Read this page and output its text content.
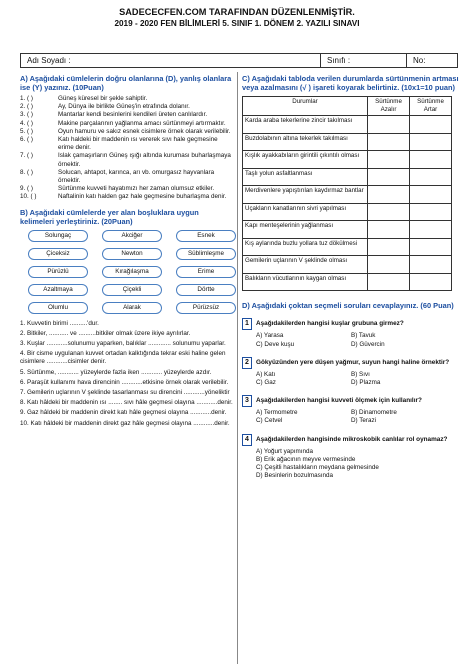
SADECECFEN.COM TARAFINDAN DÜZENLENMİŞTİR.
2019 - 2020 FEN BİLİMLERİ 5. SINIF 1. DÖNEM 2. YAZILI SINAVI
Adı Soyadı :	Sınıfı :	No:
A) Aşağıdaki cümlelerin doğru olanlarına (D), yanlış olanlara ise (Y) yazınız. (10Puan)
1. ( )	Güneş küresel bir şekle sahiptir.
2. ( )	Ay, Dünya ile birlikte Güneş'in etrafında dolanır.
3. ( )	Mantarlar kendi besinlerini kendileri üreten canlılardır.
4. ( )	Makine parçalarının yağlanma amacı sürtünmeyi artırmaktır.
5. ( )	Oyun hamuru ve sakız esnek cisimlere örnek olarak verilebilir.
6. ( )	Katı haldeki bir maddenin ısı vererek sıvı hale geçmesine erime denir.
7. ( )	Islak çamaşırların Güneş ışığı altında kuruması buharlaşmaya örnektir.
8. ( )	Solucan, ahtapot, karınca, arı vb. omurgasız hayvanlara örnektir.
9. ( )	Sürtünme kuvveti hayatımızı her zaman olumsuz etkiler.
10. ( )	Naftalinin katı halden gaz hale geçmesine buharlaşma denir.
B) Aşağıdaki cümlelerde yer alan boşluklara uygun kelimeleri yerleştiriniz. (20Puan)
Solungaç	Akciğer	Esnek
Çiceksiz	Newton	Süblimleşme
Pürüzlü	Kırağılaşma	Erime
Azaltmaya	Çiçekli	Dörtte
Olumlu	Alarak	Pürüzsüz
1. Kuvvetin birimi ..........'dur.
2. Bitkiler, ........... ve ..........bitkiler olmak üzere ikiye ayrılırlar.
3. Kuşlar ............solunumu yaparken, balıklar ............. solunumu yaparlar.
4. Bir cisme uygulanan kuvvet ortadan kalktığında tekrar eski haline gelen cisimlere ............cisimler denir.
5. Sürtünme, ............ yüzeylerde fazla iken ............ yüzeylerde azdır.
6. Paraşüt kullanımı hava direncinin ............etkisine örnek olarak verilebilir.
7. Gemilerin uçlarının V şeklinde tasarlanması su direncini ............yöneliktir
8. Katı hâldeki bir maddenin ısı ........ sıvı hâle geçmesi olayına ............denir.
9. Gaz hâldeki bir maddenin direkt katı hâle geçmesi olayına ............denir.
10. Katı hâldeki bir maddenin direkt gaz hâle geçmesi olayına ............denir.
C) Aşağıdaki tabloda verilen durumlarda sürtünmenin artması veya azalmasını (√ ) işareti koyarak belirtiniz. (10x1=10 puan)
Durumlar	Sürtünme Azalır	Sürtünme Artar
Karda araba tekerlerine zincir takılması		
Buzdolabının altına tekerlek takılması		
Kışlık ayakkabıların girintili çıkıntılı olması		
Taşlı yolun asfaltlanması		
Merdivenlere yapıştırılan kaydırmaz bantlar		
Uçakların kanatlarının sivri yapılması		
Kapı menteşelerinin yağlanması		
Kış aylarında buzlu yollara tuz dökülmesi		
Gemilerin uçlarının V şeklinde olması		
Balıkların vücutlarının kaygan olması		
D) Aşağıdaki çoktan seçmeli soruları cevaplayınız. (60 Puan)
1	Aşağıdakilerden hangisi kuşlar grubuna girmez?
A) Yarasa	B) Tavuk
C) Deve kuşu	D) Güvercin
2	Gökyüzünden yere düşen yağmur, suyun hangi haline örnektir?
A) Katı	B) Sıvı
C) Gaz	D) Plazma
3	Aşağıdakilerden hangisi kuvveti ölçmek için kullanılır?
A) Termometre	B) Dinamometre
C) Cetvel	D) Terazi
4	Aşağıdakilerden hangisinde mikroskobik canlılar rol oynamaz?
A) Yoğurt yapımında
B) Erik ağacının meyve vermesinde
C) Çeşitli hastalıkların meydana gelmesinde
D) Besinlerin bozulmasında
